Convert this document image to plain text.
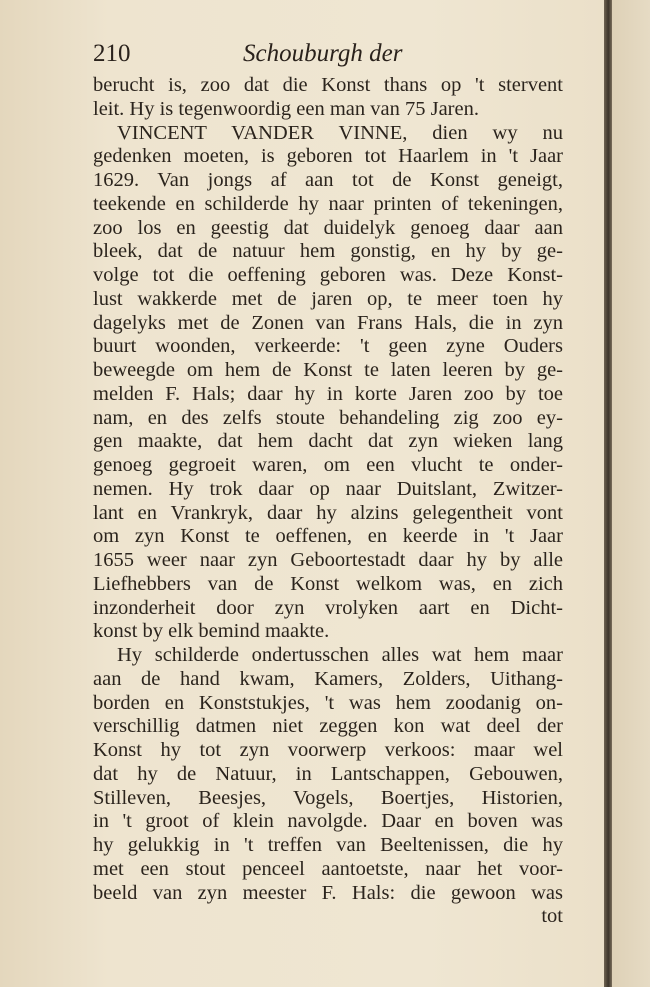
210	Schouburgh der
berucht is, zoo dat die Konst thans op 't stervent
leit. Hy is tegenwoordig een man van 75 Jaren.
VINCENT VANDER VINNE, dien wy nu
gedenken moeten, is geboren tot Haarlem in 't Jaar
1629. Van jongs af aan tot de Konst geneigt,
teekende en schilderde hy naar printen of tekeningen,
zoo los en geestig dat duidelyk genoeg daar aan
bleek, dat de natuur hem gonstig, en hy by ge-
volge tot die oeffening geboren was. Deze Konst-
lust wakkerde met de jaren op, te meer toen hy
dagelyks met de Zonen van Frans Hals, die in zyn
buurt woonden, verkeerde: 't geen zyne Ouders
beweegde om hem de Konst te laten leeren by ge-
melden F. Hals; daar hy in korte Jaren zoo by toe
nam, en des zelfs stoute behandeling zig zoo ey-
gen maakte, dat hem dacht dat zyn wieken lang
genoeg gegroeit waren, om een vlucht te onder-
nemen. Hy trok daar op naar Duitslant, Zwitzer-
lant en Vrankryk, daar hy alzins gelegentheit vont
om zyn Konst te oeffenen, en keerde in 't Jaar
1655 weer naar zyn Geboortestadt daar hy by alle
Liefhebbers van de Konst welkom was, en zich
inzonderheit door zyn vrolyken aart en Dicht-
konst by elk bemind maakte.
Hy schilderde ondertusschen alles wat hem maar
aan de hand kwam, Kamers, Zolders, Uithang-
borden en Konststukjes, 't was hem zoodanig on-
verschillig datmen niet zeggen kon wat deel der
Konst hy tot zyn voorwerp verkoos: maar wel
dat hy de Natuur, in Lantschappen, Gebouwen,
Stilleven, Beesjes, Vogels, Boertjes, Historien,
in 't groot of klein navolgde. Daar en boven was
hy gelukkig in 't treffen van Beeltenissen, die hy
met een stout penceel aantoetste, naar het voor-
beeld van zyn meester F. Hals: die gewoon was
tot
